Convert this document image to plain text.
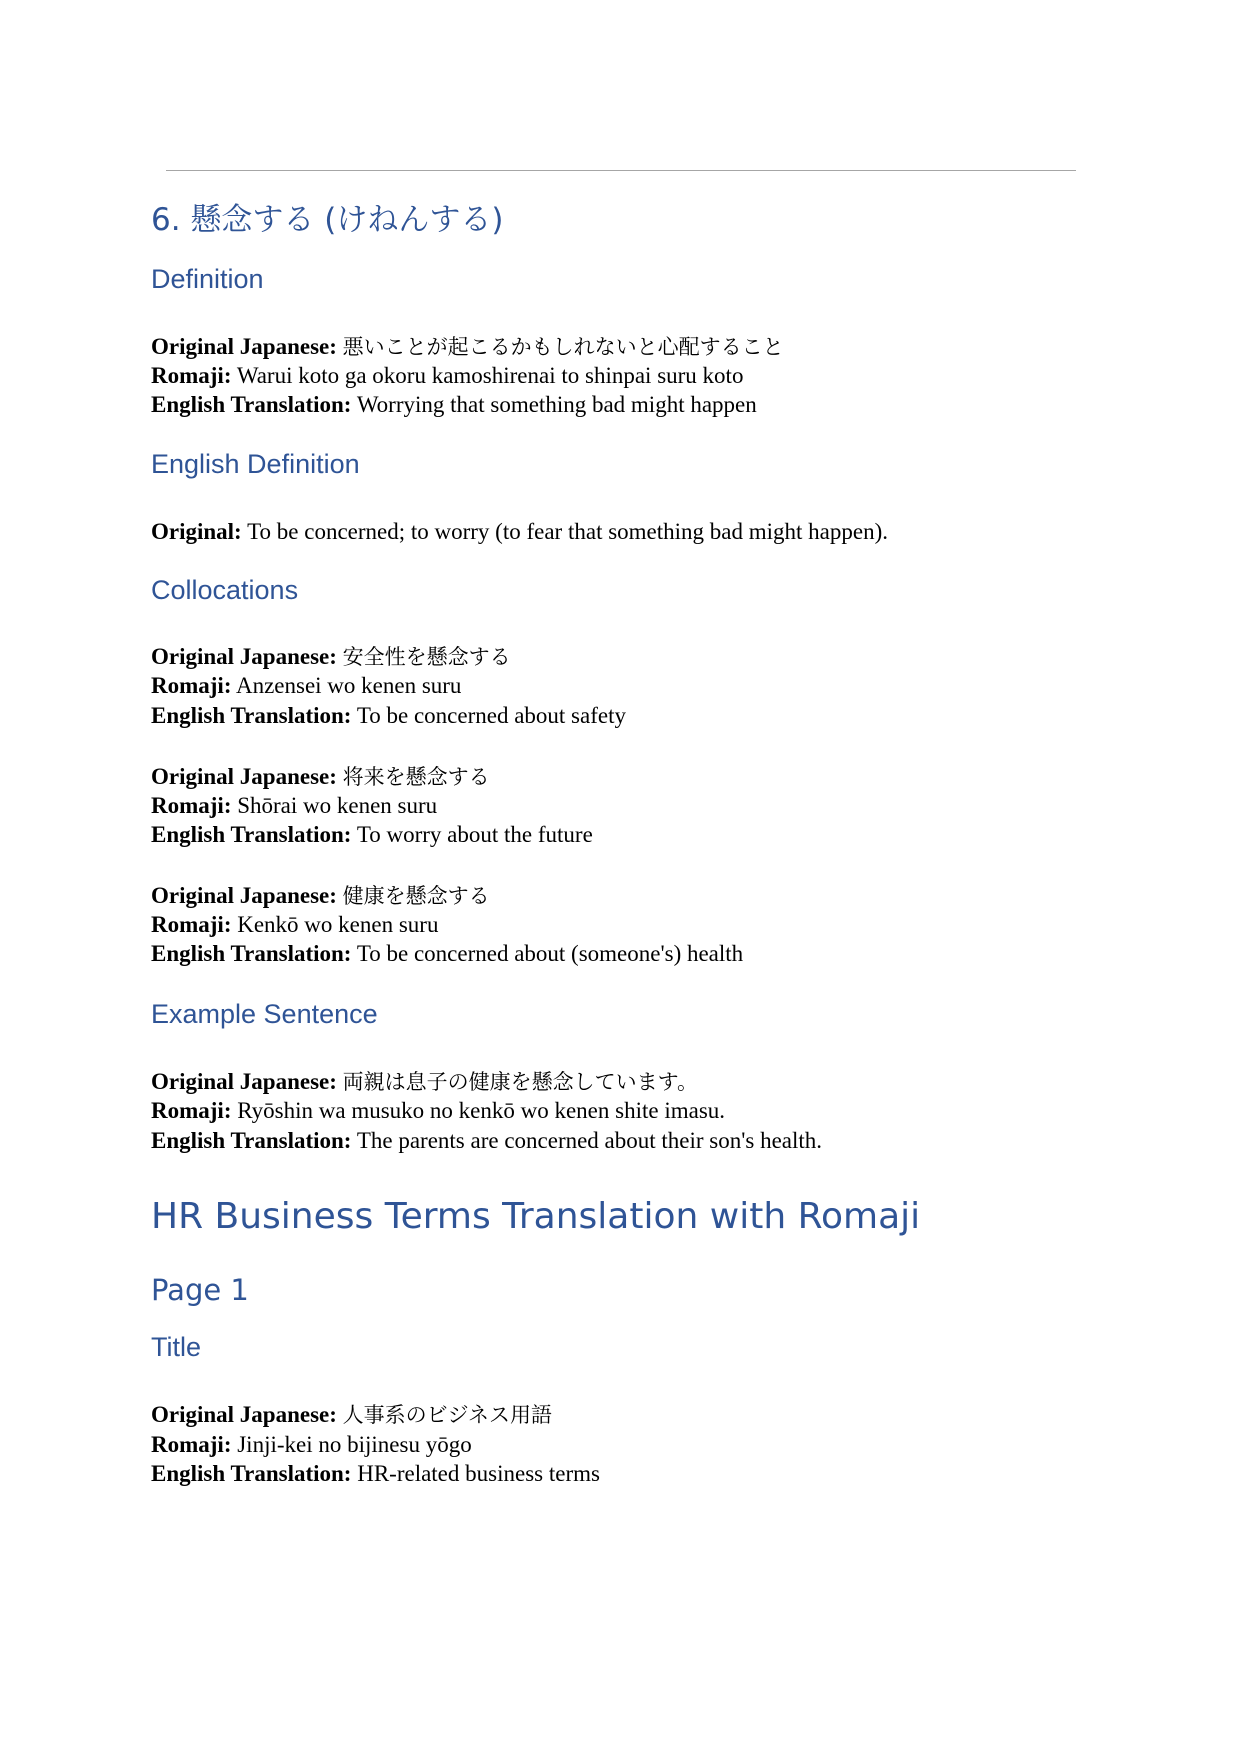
6. 懸念する (けねんする)
Definition
Original Japanese: 悪いことが起こるかもしれないと心配すること
Romaji: Warui koto ga okoru kamoshirenai to shinpai suru koto
English Translation: Worrying that something bad might happen
English Definition
Original: To be concerned; to worry (to fear that something bad might happen).
Collocations
Original Japanese: 安全性を懸念する
Romaji: Anzensei wo kenen suru
English Translation: To be concerned about safety
Original Japanese: 将来を懸念する
Romaji: Shōrai wo kenen suru
English Translation: To worry about the future
Original Japanese: 健康を懸念する
Romaji: Kenkō wo kenen suru
English Translation: To be concerned about (someone's) health
Example Sentence
Original Japanese: 両親は息子の健康を懸念しています。
Romaji: Ryōshin wa musuko no kenkō wo kenen shite imasu.
English Translation: The parents are concerned about their son's health.
HR Business Terms Translation with Romaji
Page 1
Title
Original Japanese: 人事系のビジネス用語
Romaji: Jinji-kei no bijinesu yōgo
English Translation: HR-related business terms
